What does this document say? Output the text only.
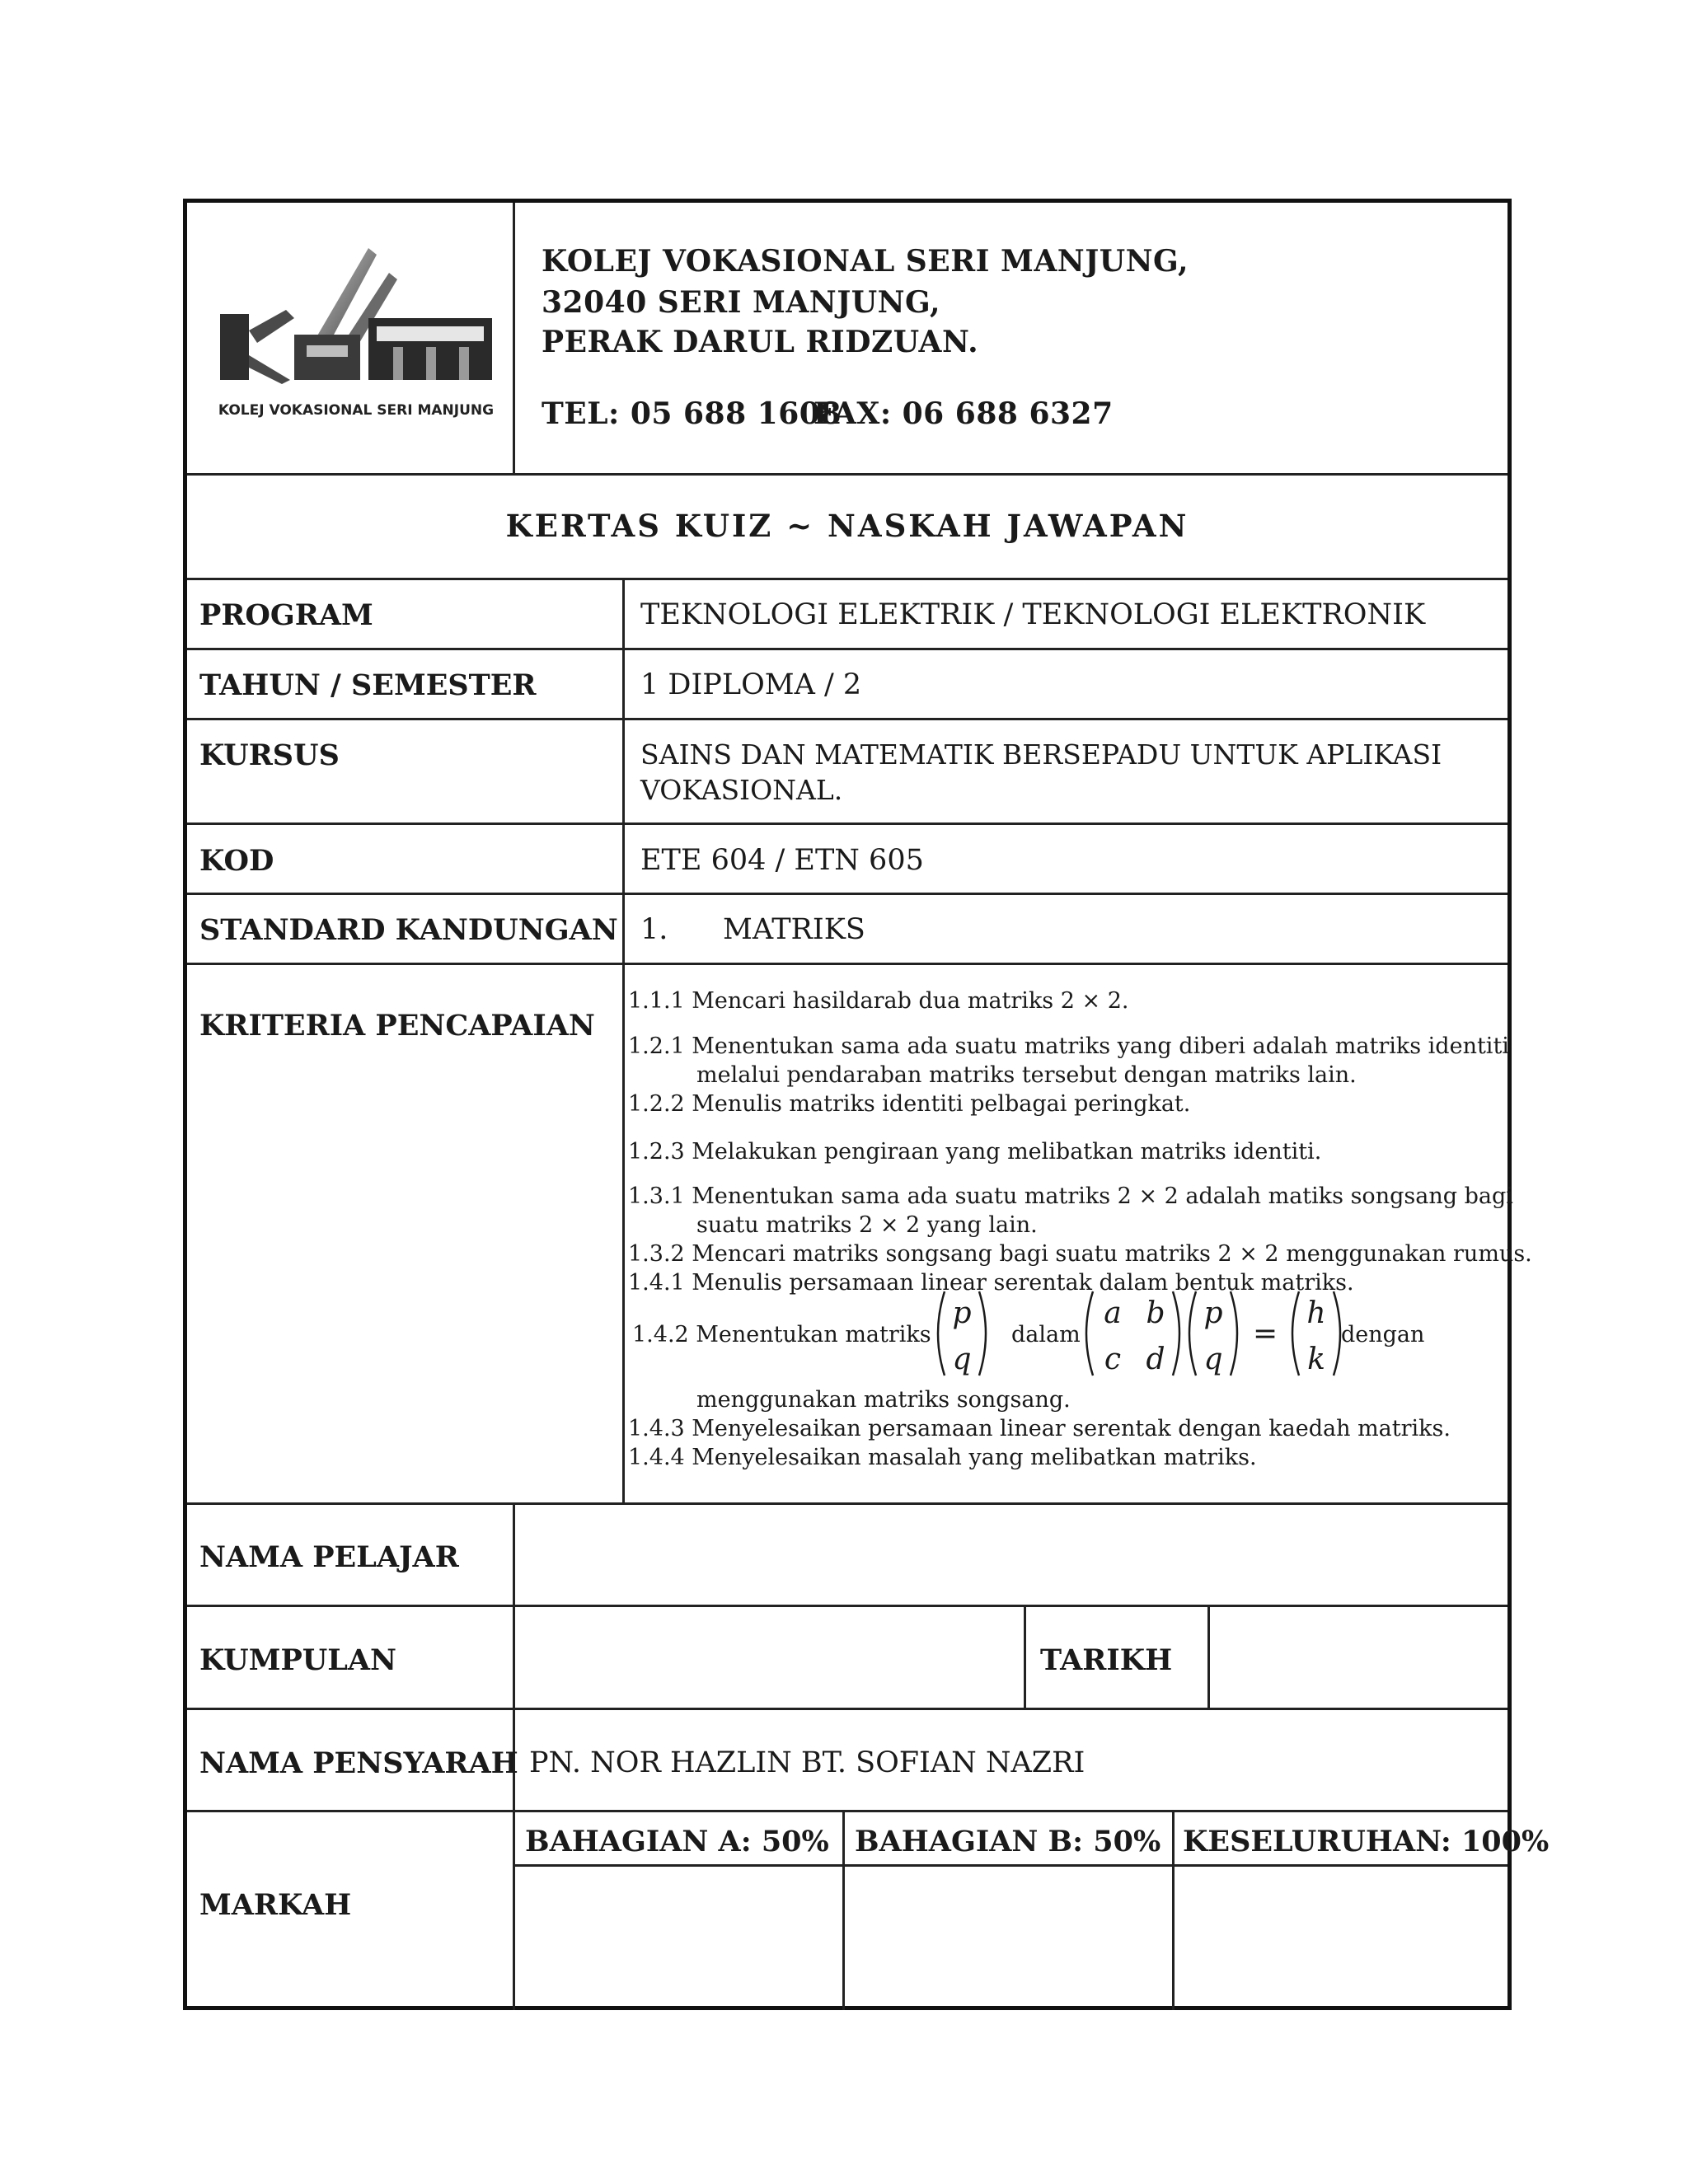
KOLEJ VOKASIONAL SERI MANJUNG
KOLEJ VOKASIONAL SERI MANJUNG,
32040 SERI MANJUNG,
PERAK DARUL RIDZUAN.
TEL: 05 688 1608
FAX: 06 688 6327
KERTAS KUIZ ~ NASKAH JAWAPAN
PROGRAM	TEKNOLOGI ELEKTRIK / TEKNOLOGI ELEKTRONIK
TAHUN / SEMESTER	1 DIPLOMA / 2
KURSUS	SAINS DAN MATEMATIK BERSEPADU UNTUK APLIKASI
VOKASIONAL.
KOD	ETE 604 / ETN 605
STANDARD KANDUNGAN 1. MATRIKS
KRITERIA PENCAPAIAN
1.1.1 Mencari hasildarab dua matriks 2 × 2.
1.2.1 Menentukan sama ada suatu matriks yang diberi adalah matriks identiti
melalui pendaraban matriks tersebut dengan matriks lain.
1.2.2 Menulis matriks identiti pelbagai peringkat.
1.2.3 Melakukan pengiraan yang melibatkan matriks identiti.
1.3.1 Menentukan sama ada suatu matriks 2 × 2 adalah matiks songsang bagi
suatu matriks 2 × 2 yang lain.
1.3.2 Mencari matriks songsang bagi suatu matriks 2 × 2 menggunakan rumus.
1.4.1 Menulis persamaan linear serentak dalam bentuk matriks.
1.4.2 Menentukan matriks
p
q
dalam
a b
c d
p
q
=
h
k
dengan
menggunakan matriks songsang.
1.4.3 Menyelesaikan persamaan linear serentak dengan kaedah matriks.
1.4.4 Menyelesaikan masalah yang melibatkan matriks.
NAMA PELAJAR
KUMPULAN	TARIKH
NAMA PENSYARAH PN. NOR HAZLIN BT. SOFIAN NAZRI
MARKAH
BAHAGIAN A: 50% BAHAGIAN B: 50% KESELURUHAN: 100%
